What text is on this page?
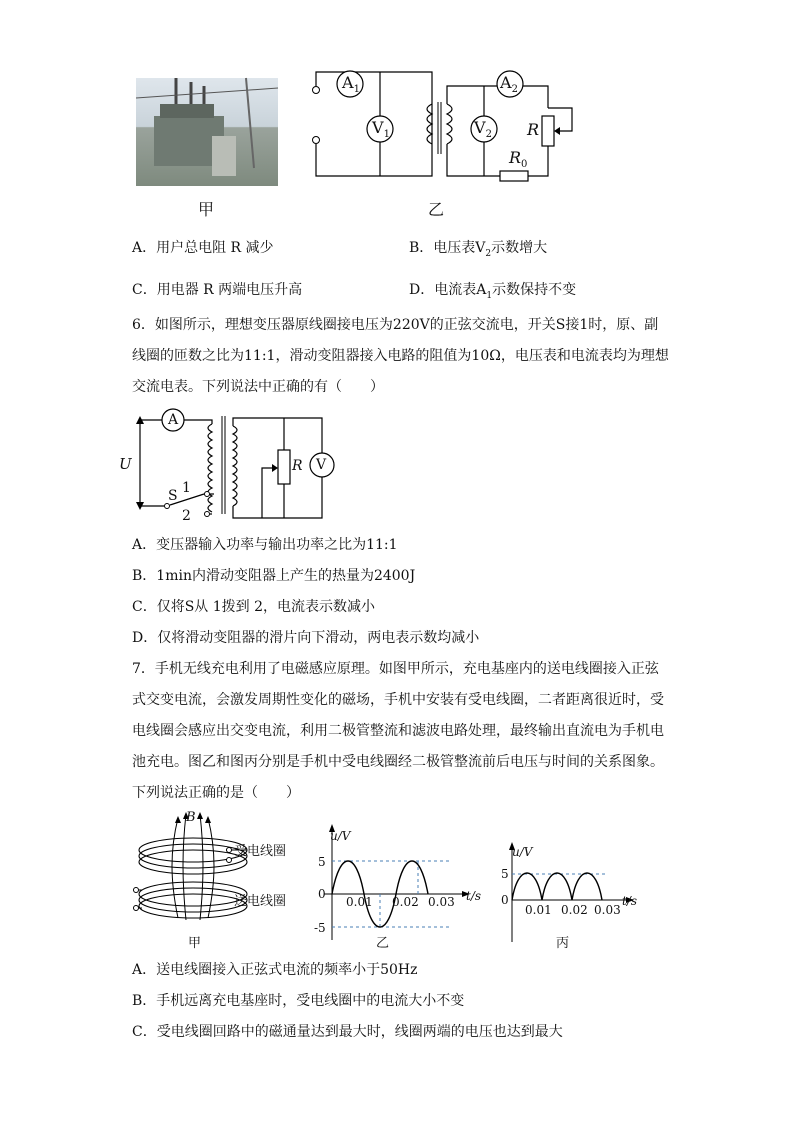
甲
$A_1$
$V_1$
$A_2$
$V_2$ R
$R_0$
乙
A．用户总电阻 R 减少	B．电压表$V_2$示数增大
C．用电器 R 两端电压升高	D．电流表$A_1$示数保持不变
6．如图所示，理想变压器原线圈接电压为220V的正弦交流电，开关S接1时，原、副
线圈的匝数之比为11:1，滑动变阻器接入电路的阻值为10Ω，电压表和电流表均为理想
交流电表。下列说法中正确的有（　　）
A
V
U
S 1
2
R
A．变压器输入功率与输出功率之比为11:1
B．1min内滑动变阻器上产生的热量为2400J
C．仅将S从 1拨到 2，电流表示数减小
D．仅将滑动变阻器的滑片向下滑动，两电表示数均减小
7．手机无线充电利用了电磁感应原理。如图甲所示，充电基座内的送电线圈接入正弦
式交变电流，会激发周期性变化的磁场，手机中安装有受电线圈，二者距离很近时，受
电线圈会感应出交变电流，利用二极管整流和滤波电路处理，最终输出直流电为手机电
池充电。图乙和图丙分别是手机中受电线圈经二极管整流前后电压与时间的关系图象。
下列说法正确的是（　　）
B
受电线圈
送电线圈
甲
u/V
t/s
5
0
-5
0.01 0.02 0.03
乙
u/V
t/s
5
0
0.01 0.02 0.03
丙
A．送电线圈接入正弦式电流的频率小于50Hz
B．手机远离充电基座时，受电线圈中的电流大小不变
C．受电线圈回路中的磁通量达到最大时，线圈两端的电压也达到最大
